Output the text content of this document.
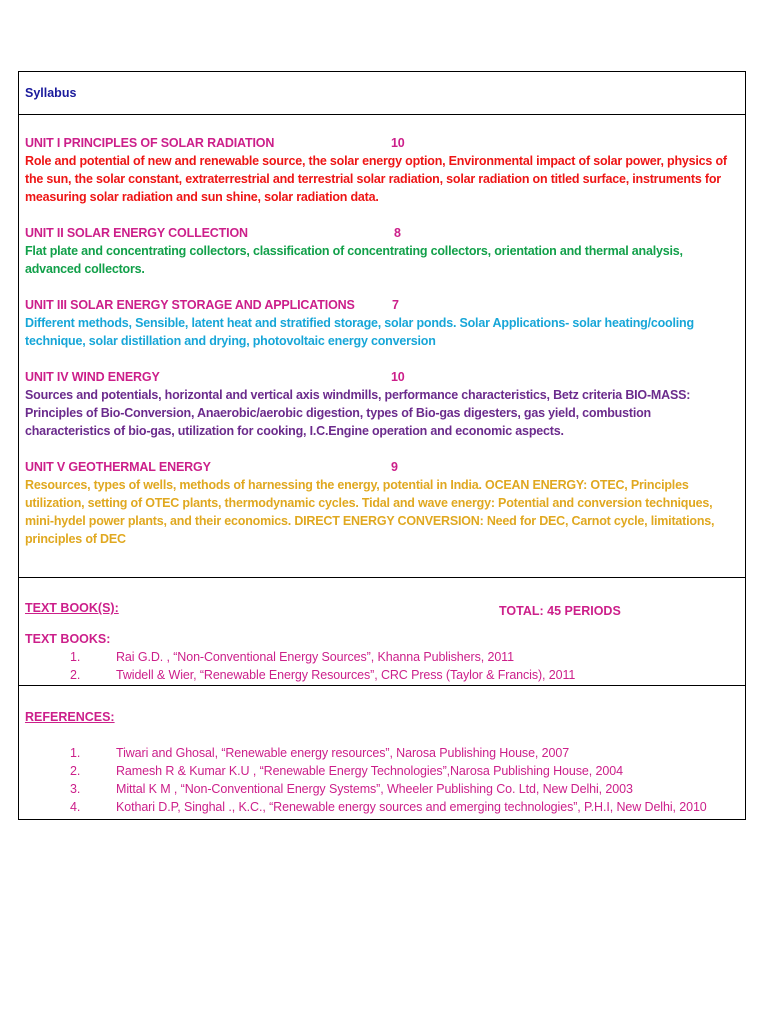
Syllabus
UNIT I PRINCIPLES OF SOLAR RADIATION	10
Role and potential of new and renewable source, the solar energy option, Environmental impact of solar power, physics of the sun, the solar constant, extraterrestrial and terrestrial solar radiation, solar radiation on titled surface, instruments for measuring solar radiation and sun shine, solar radiation data.
UNIT II SOLAR ENERGY COLLECTION	8
Flat plate and concentrating collectors, classification of concentrating collectors, orientation and thermal analysis, advanced collectors.
UNIT III SOLAR ENERGY STORAGE AND APPLICATIONS	7
Different methods, Sensible, latent heat and stratified storage, solar ponds. Solar Applications- solar heating/cooling technique, solar distillation and drying, photovoltaic energy conversion
UNIT IV WIND ENERGY	10
Sources and potentials, horizontal and vertical axis windmills, performance characteristics, Betz criteria BIO-MASS: Principles of Bio-Conversion, Anaerobic/aerobic digestion, types of Bio-gas digesters, gas yield, combustion characteristics of bio-gas, utilization for cooking, I.C.Engine operation and economic aspects.
UNIT V GEOTHERMAL ENERGY	9
Resources, types of wells, methods of harnessing the energy, potential in India. OCEAN ENERGY: OTEC, Principles utilization, setting of OTEC plants, thermodynamic cycles. Tidal and wave energy: Potential and conversion techniques, mini-hydel power plants, and their economics. DIRECT ENERGY CONVERSION: Need for DEC, Carnot cycle, limitations, principles of DEC
TOTAL: 45 PERIODS
TEXT BOOK(S):
TEXT BOOKS:
1.	Rai G.D. , “Non-Conventional Energy Sources”, Khanna Publishers, 2011
2.	Twidell & Wier, “Renewable Energy Resources”, CRC Press (Taylor & Francis), 2011
REFERENCES:
1.	Tiwari and Ghosal, “Renewable energy resources”, Narosa Publishing House, 2007
2.	Ramesh R & Kumar K.U , “Renewable Energy Technologies”,Narosa Publishing House, 2004
3.	Mittal K M , “Non-Conventional Energy Systems”, Wheeler Publishing Co. Ltd, New Delhi, 2003
4.	Kothari D.P, Singhal ., K.C., “Renewable energy sources and emerging technologies”, P.H.I, New Delhi, 2010
